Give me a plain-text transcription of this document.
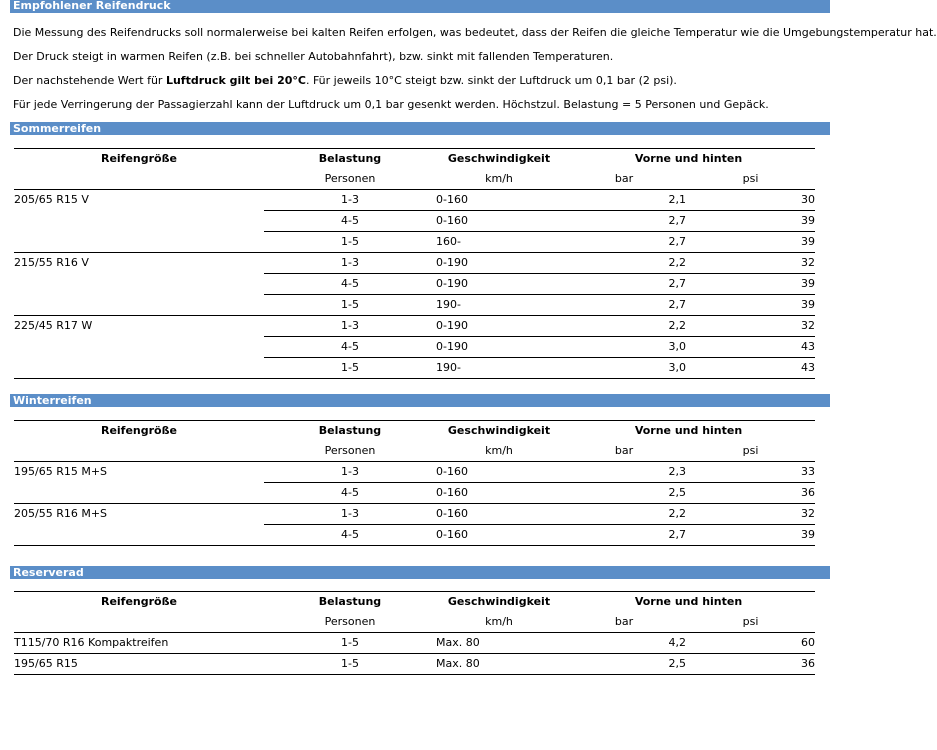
Empfohlener Reifendruck
Die Messung des Reifendrucks soll normalerweise bei kalten Reifen erfolgen, was bedeutet, dass der Reifen die gleiche Temperatur wie die Umgebungstemperatur hat.
Der Druck steigt in warmen Reifen (z.B. bei schneller Autobahnfahrt), bzw. sinkt mit fallenden Temperaturen.
Der nachstehende Wert für Luftdruck gilt bei 20°C. Für jeweils 10°C steigt bzw. sinkt der Luftdruck um 0,1 bar (2 psi).
Für jede Verringerung der Passagierzahl kann der Luftdruck um 0,1 bar gesenkt werden. Höchstzul. Belastung = 5 Personen und Gepäck.
Sommerreifen
Reifengröße	Belastung	Geschwindigkeit	Vorne und hinten	
	Personen	km/h	bar	psi
205/65 R15 V	1-3	0-160	2,1	30
	4-5	0-160	2,7	39
	1-5	160-	2,7	39
215/55 R16 V	1-3	0-190	2,2	32
	4-5	0-190	2,7	39
	1-5	190-	2,7	39
225/45 R17 W	1-3	0-190	2,2	32
	4-5	0-190	3,0	43
	1-5	190-	3,0	43
Winterreifen
Reifengröße	Belastung	Geschwindigkeit	Vorne und hinten	
	Personen	km/h	bar	psi
195/65 R15 M+S	1-3	0-160	2,3	33
	4-5	0-160	2,5	36
205/55 R16 M+S	1-3	0-160	2,2	32
	4-5	0-160	2,7	39
Reserverad
Reifengröße	Belastung	Geschwindigkeit	Vorne und hinten	
	Personen	km/h	bar	psi
T115/70 R16 Kompaktreifen	1-5	Max. 80	4,2	60
195/65 R15	1-5	Max. 80	2,5	36
